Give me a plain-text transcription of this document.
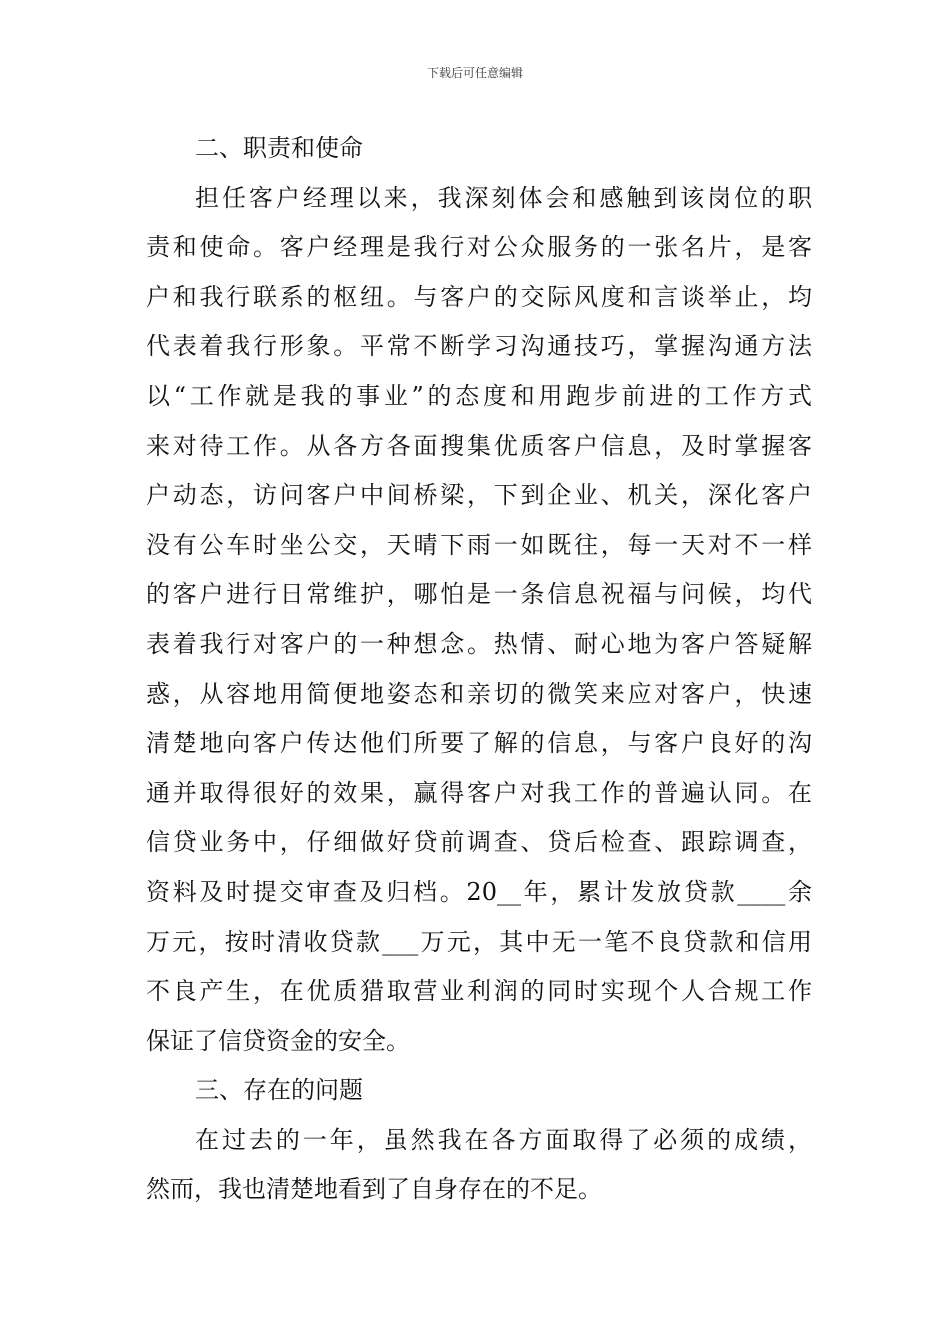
下载后可任意编辑
二、职责和使命
担任客户经理以来，我深刻体会和感触到该岗位的职
责和使命。客户经理是我行对公众服务的一张名片，是客
户和我行联系的枢纽。与客户的交际风度和言谈举止，均
代表着我行形象。平常不断学习沟通技巧，掌握沟通方法
以“工作就是我的事业”的态度和用跑步前进的工作方式
来对待工作。从各方各面搜集优质客户信息，及时掌握客
户动态，访问客户中间桥梁，下到企业、机关，深化客户
没有公车时坐公交，天晴下雨一如既往，每一天对不一样
的客户进行日常维护，哪怕是一条信息祝福与问候，均代
表着我行对客户的一种想念。热情、耐心地为客户答疑解
惑，从容地用简便地姿态和亲切的微笑来应对客户，快速
清楚地向客户传达他们所要了解的信息，与客户良好的沟
通并取得很好的效果，赢得客户对我工作的普遍认同。在
信贷业务中，仔细做好贷前调查、贷后检查、跟踪调查，
资料及时提交审查及归档。20__年，累计发放贷款____余
万元，按时清收贷款___万元，其中无一笔不良贷款和信用
不良产生，在优质猎取营业利润的同时实现个人合规工作
保证了信贷资金的安全。
三、存在的问题
在过去的一年，虽然我在各方面取得了必须的成绩，
然而，我也清楚地看到了自身存在的不足。
